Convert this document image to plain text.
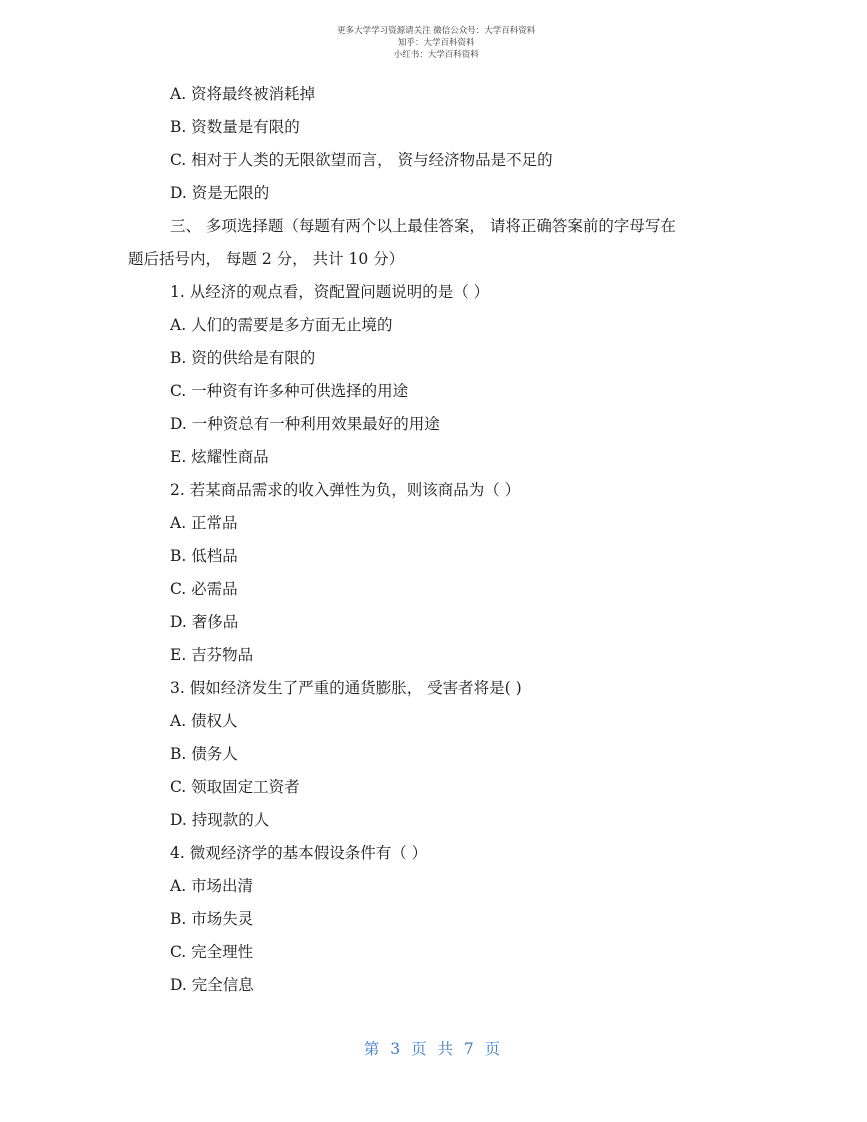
更多大学学习资源请关注 微信公众号：大学百科资料
知乎：大学百科资料
小红书：大学百科资料

A. 资将最终被消耗掉
B. 资数量是有限的
C. 相对于人类的无限欲望而言， 资与经济物品是不足的
D. 资是无限的
三、 多项选择题（每题有两个以上最佳答案， 请将正确答案前的字母写在
题后括号内， 每题 2 分， 共计 10 分）
1. 从经济的观点看，资配置问题说明的是（ ）
A. 人们的需要是多方面无止境的
B. 资的供给是有限的
C. 一种资有许多种可供选择的用途
D. 一种资总有一种利用效果最好的用途
E. 炫耀性商品
2. 若某商品需求的收入弹性为负，则该商品为（ ）
A. 正常品
B. 低档品
C. 必需品
D. 奢侈品
E. 吉芬物品
3. 假如经济发生了严重的通货膨胀， 受害者将是( )
A. 债权人
B. 债务人
C. 领取固定工资者
D. 持现款的人
4. 微观经济学的基本假设条件有（ ）
A. 市场出清
B. 市场失灵
C. 完全理性
D. 完全信息
第 3 页 共 7 页
